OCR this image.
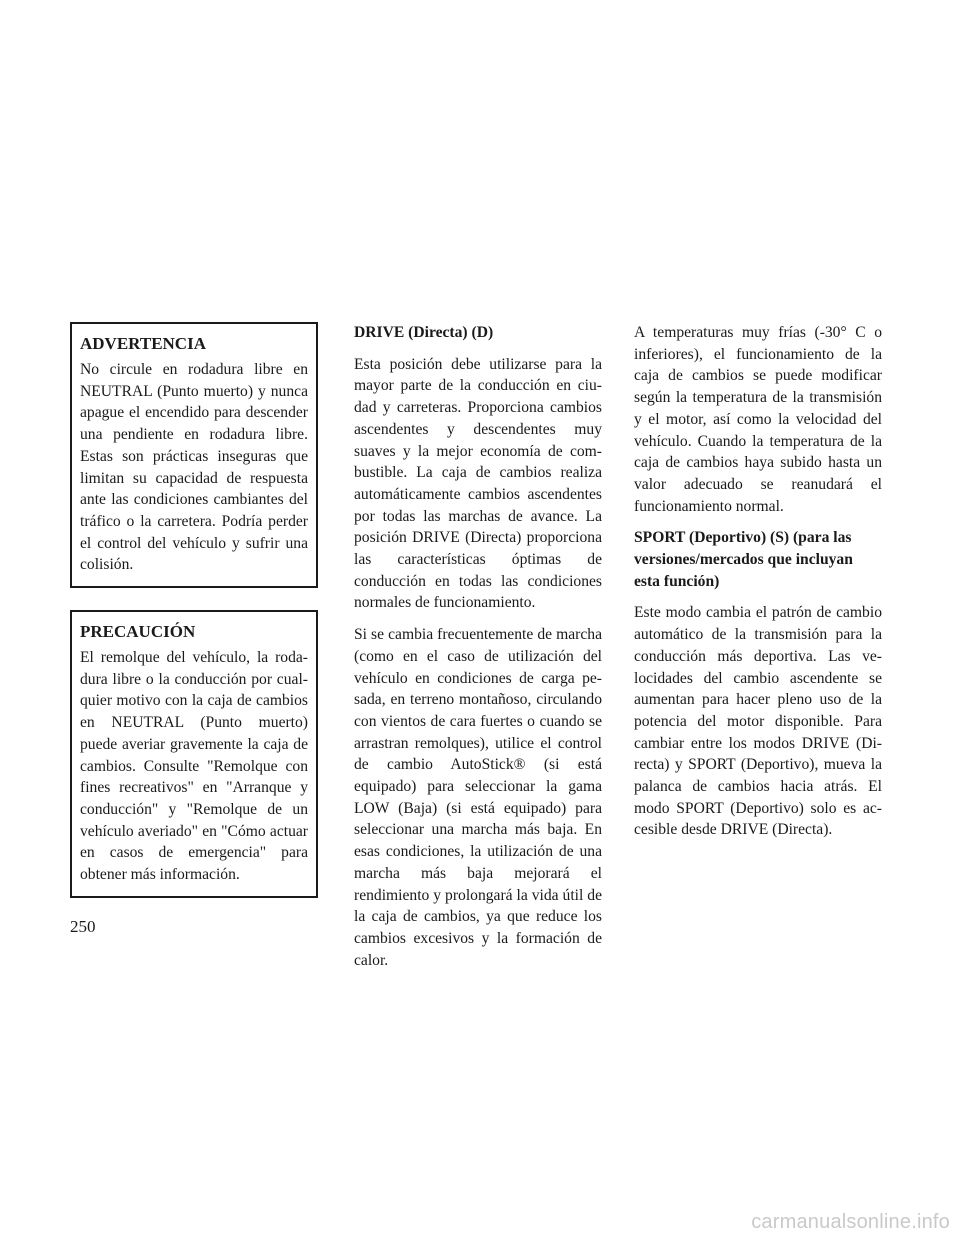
ADVERTENCIA

No circule en rodadura libre en NEUTRAL (Punto muerto) y nunca apague el encendido para descender una pendiente en rodadura libre. Estas son prácticas inseguras que limitan su capacidad de respuesta ante las condiciones cambiantes del tráfico o la carretera. Podría perder el control del vehículo y sufrir una colisión.

PRECAUCIÓN

El remolque del vehículo, la rodadura libre o la conducción por cualquier motivo con la caja de cambios en NEUTRAL (Punto muerto) puede averiar gravemente la caja de cambios. Consulte "Remolque con fines recreativos" en "Arranque y conducción" y "Remolque de un vehículo averiado" en "Cómo actuar en casos de emergencia" para obtener más información.

DRIVE (Directa) (D)

Esta posición debe utilizarse para la mayor parte de la conducción en ciudad y carreteras. Proporciona cambios ascendentes y descendentes muy suaves y la mejor economía de combustible. La caja de cambios realiza automáticamente cambios ascendentes por todas las marchas de avance. La posición DRIVE (Directa) proporciona las características óptimas de conducción en todas las condiciones normales de funcionamiento.

Si se cambia frecuentemente de marcha (como en el caso de utilización del vehículo en condiciones de carga pesada, en terreno montañoso, circulando con vientos de cara fuertes o cuando se arrastran remolques), utilice el control de cambio AutoStick® (si está equipado) para seleccionar la gama LOW (Baja) (si está equipado) para seleccionar una marcha más baja. En esas condiciones, la utilización de una marcha más baja mejorará el rendimiento y prolongará la vida útil de la caja de cambios, ya que reduce los cambios excesivos y la formación de calor.

A temperaturas muy frías (-30° C o inferiores), el funcionamiento de la caja de cambios se puede modificar según la temperatura de la transmisión y el motor, así como la velocidad del vehículo. Cuando la temperatura de la caja de cambios haya subido hasta un valor adecuado se reanudará el funcionamiento normal.

SPORT (Deportivo) (S) (para las versiones/mercados que incluyan esta función)

Este modo cambia el patrón de cambio automático de la transmisión para la conducción más deportiva. Las velocidades del cambio ascendente se aumentan para hacer pleno uso de la potencia del motor disponible. Para cambiar entre los modos DRIVE (Directa) y SPORT (Deportivo), mueva la palanca de cambios hacia atrás. El modo SPORT (Deportivo) solo es accesible desde DRIVE (Directa).

250
carmanualsonline.info
